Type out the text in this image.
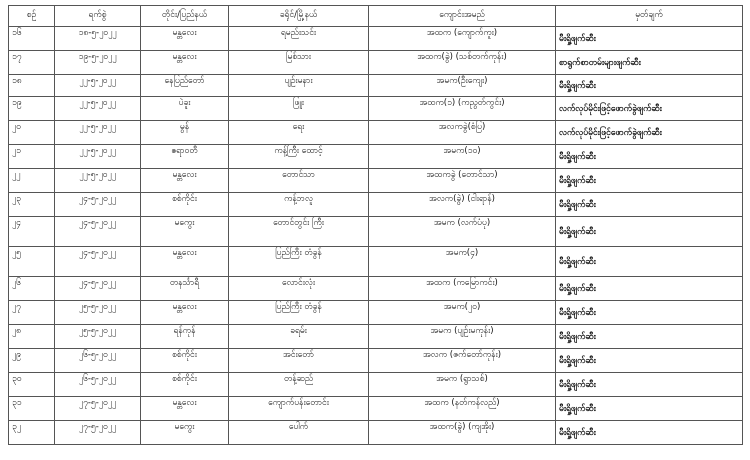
စဉ်	ရက်စွဲ	တိုင်း/ပြည်နယ်	ခရိုင်/မြို့နယ်	ကျောင်းအမည်	မှတ်ချက်
၁၆	၁၈-၅-၂၀၂၂	မန္တလေး	ရမည်းသင်း	အထက (ကျောက်ကူး)	မီးရှို့ဖျက်ဆီး
၁၇	၁၉-၅-၂၀၂၂	မန္တလေး	မြစ်သား	အထက(ခွဲ) (သစ်တက်ကုန်း)	စာရွက်စာတမ်းများဖျက်ဆီး
၁၈	၂၂-၅-၂၀၂၂	နေပြည်တော်	ပျဉ်းမနား	အမက(ဦးကျေး)	မီးရှို့ဖျက်ဆီး
၁၉	၂၂-၅-၂၀၂၂	ပဲခူး	ဖြူး	အထက(၁) (ကညွတ်ကွင်း)	လက်လုပ်မိုင်းဖြင့်ဖောက်ခွဲဖျက်ဆီး
၂၀	၂၂-၅-၂၀၂၂	မွန်	ရေး	အလကခွဲ(စံပြ)	လက်လုပ်မိုင်းဖြင့်ဖောက်ခွဲဖျက်ဆီး
၂၁	၂၂-၅-၂၀၂၂	ဧရာဝတီ	ကန့်ကြီး ထောင့်	အမက(၁၀)	မီးရှို့ဖျက်ဆီး
၂၂	၂၂-၅-၂၀၂၂	မန္တလေး	တောင်သာ	အထကခွဲ (တောင်သာ)	မီးရှို့ဖျက်ဆီး
၂၃	၂၄-၅-၂၀၂၂	စစ်ကိုင်း	ကန့်ဘလူ	အလက(ခွဲ) (ငါးရာန်)	မီးရှို့ဖျက်ဆီး
၂၄	၂၄-၅-၂၀၂၂	မကွေး	တောင်တွင်း ကြီး	အမက (လက်ပံပု)	မီးရှို့ဖျက်ဆီး
၂၅	၂၄-၅-၂၀၂၂	မန္တလေး	ပြည်ကြီး တံခွန်	အမက(၄)	မီးရှို့ဖျက်ဆီး
၂၆	၂၄-၅-၂၀၂၂	တနင်္သာရီ	လောင်းလုံး	အထက (ကမြောကင်း)	မီးရှို့ဖျက်ဆီး
၂၇	၂၅-၅-၂၀၂၂	မန္တလေး	ပြည်ကြီး တံခွန်	အမက(၂၀)	မီးရှို့ဖျက်ဆီး
၂၈	၂၅-၅-၂၀၂၂	ရန်ကုန်	ခရမ်း	အမက (ပျဉ်းမကုန်း)	မီးရှို့ဖျက်ဆီး
၂၉	၂၆-၅-၂၀၂၂	စစ်ကိုင်း	အင်းတော်	အလက (ဇက်တော်ကုန်း)	မီးရှို့ဖျက်ဆီး
၃၀	၂၆-၅-၂၀၂၂	စစ်ကိုင်း	တန့်ဆည်	အမက (ရွာသစ်)	မီးရှို့ဖျက်ဆီး
၃၁	၂၇-၅-၂၀၂၂	မန္တလေး	ကျောက်ပန်းတောင်း	အထက (နတ်ကန်လည်)	မီးရှို့ဖျက်ဆီး
၃၂	၂၇-၅-၂၀၂၂	မကွေး	ပေါက်	အထက(ခွဲ) (ကျအိုး)	မီးရှို့ဖျက်ဆီး
